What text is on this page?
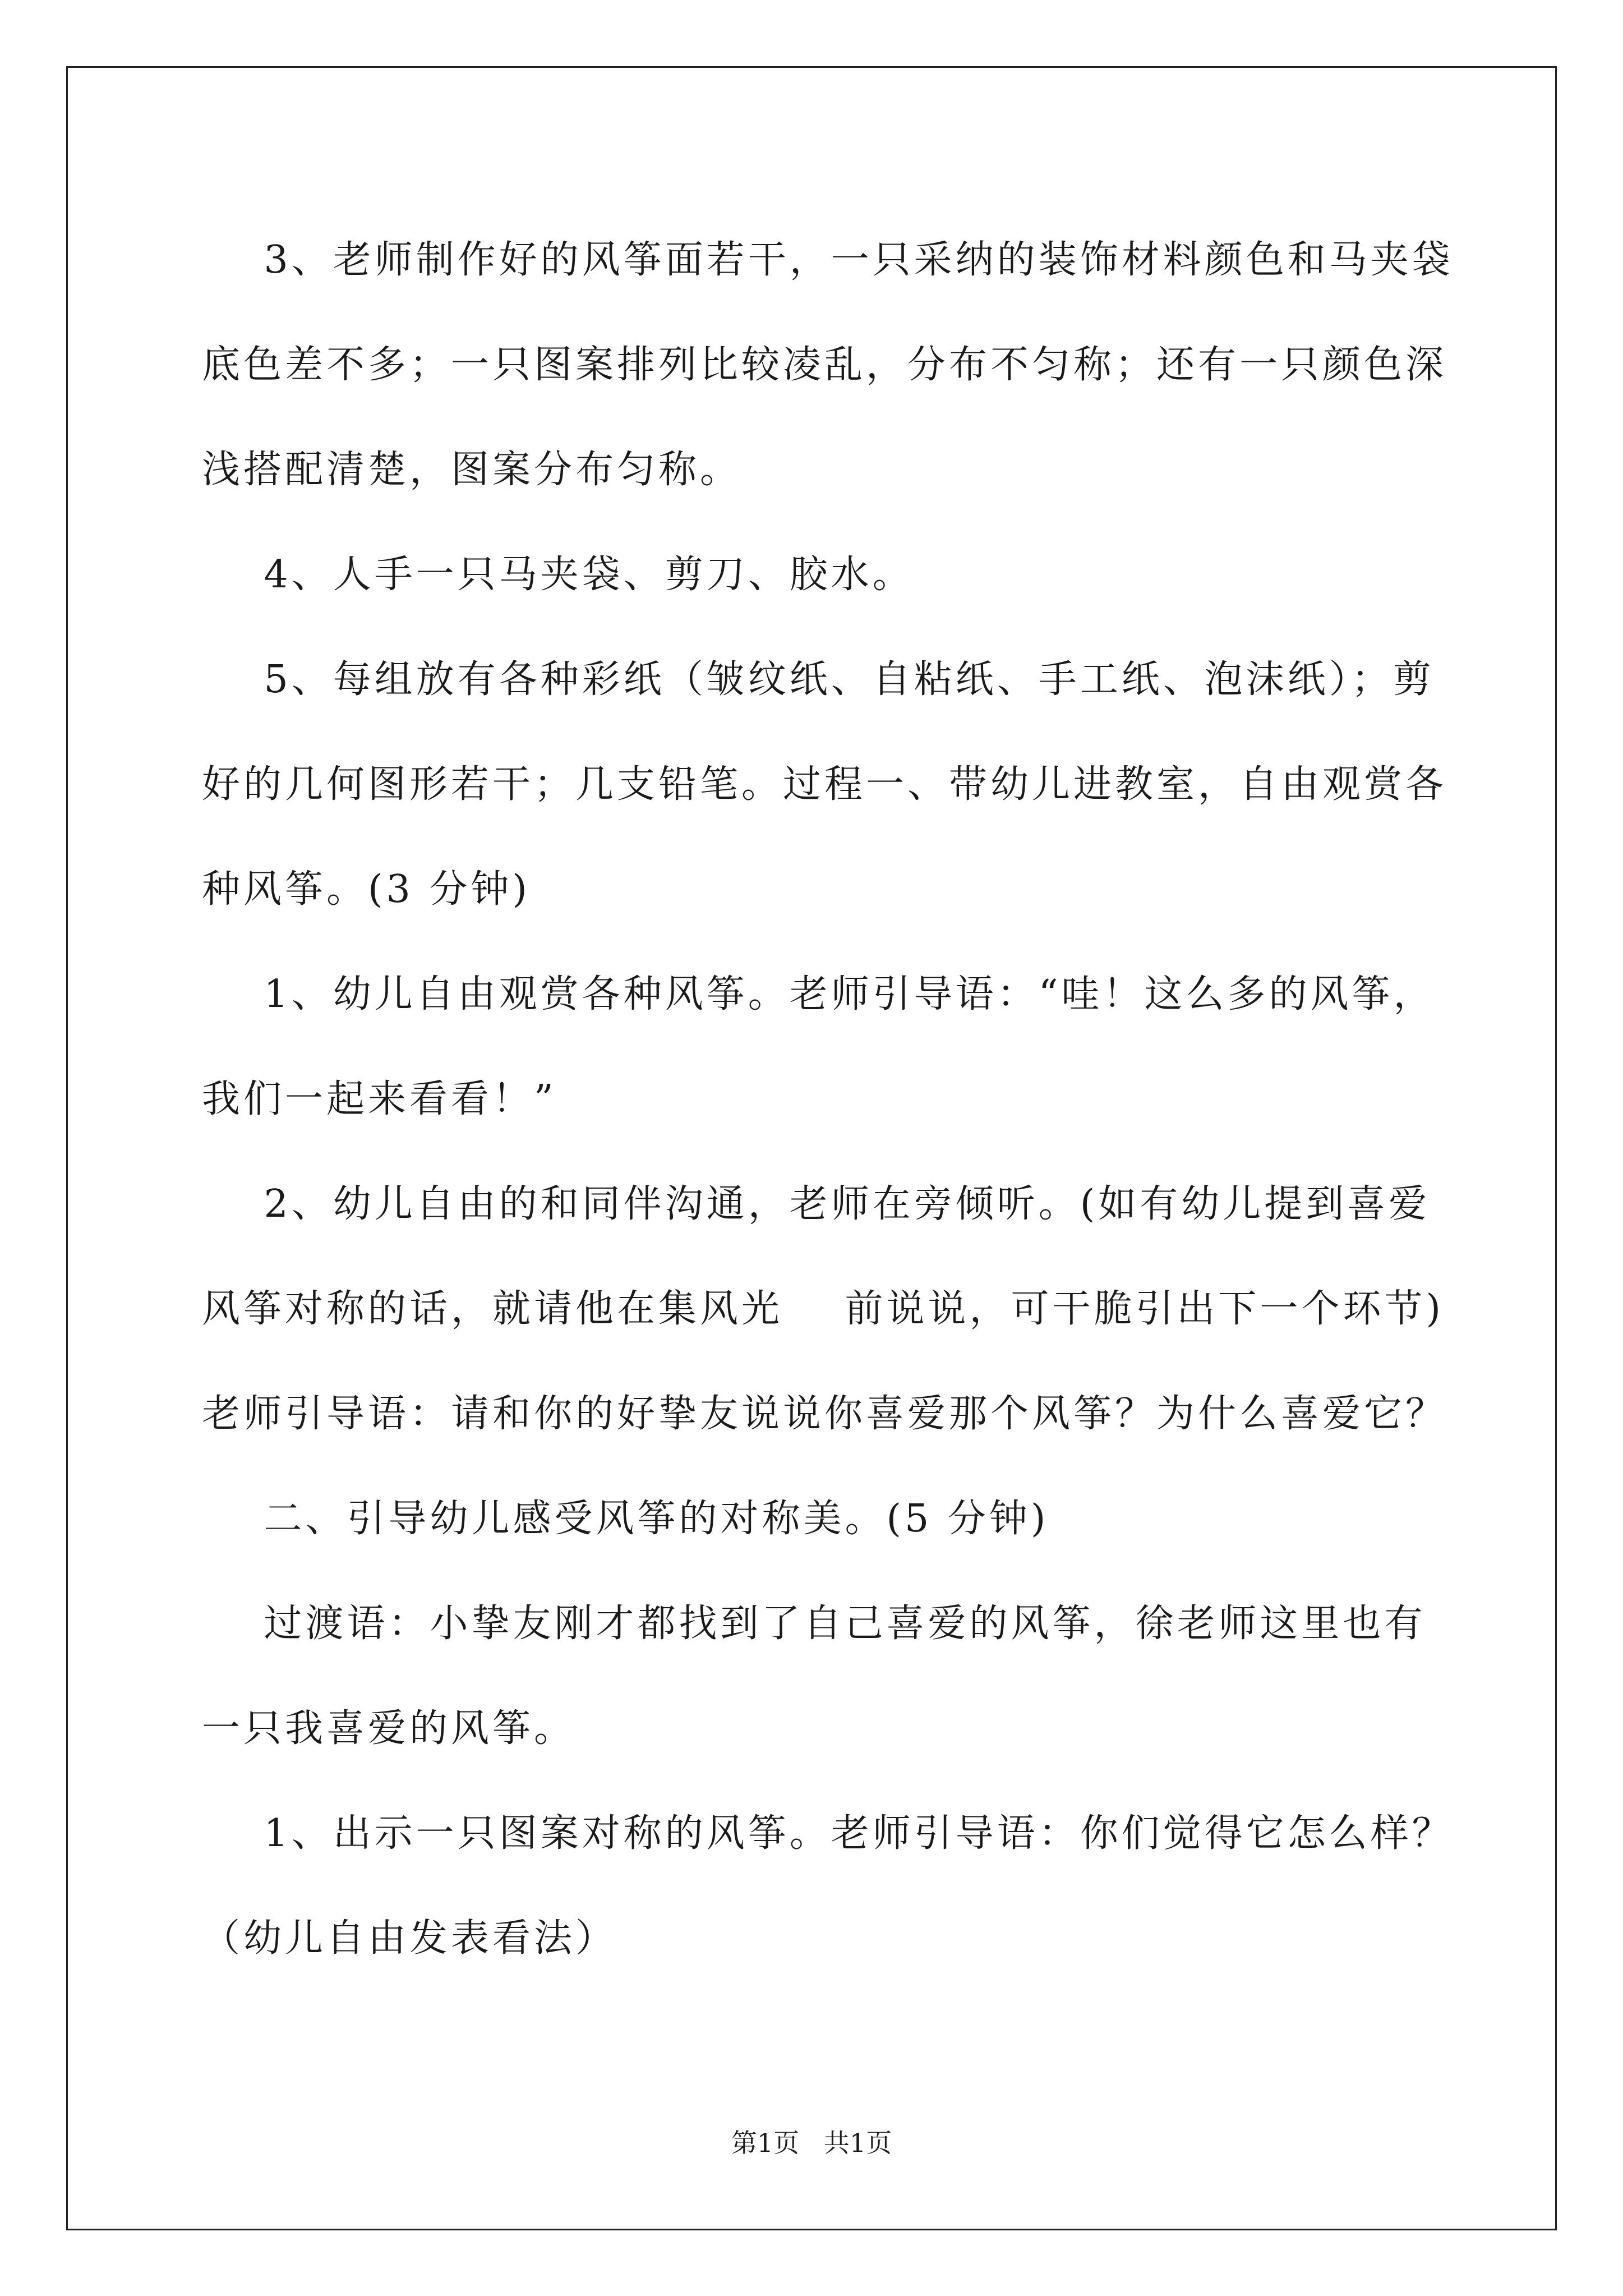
3、老师制作好的风筝面若干，一只采纳的装饰材料颜色和马夹袋

底色差不多；一只图案排列比较凌乱，分布不匀称；还有一只颜色深

浅搭配清楚，图案分布匀称。

4、人手一只马夹袋、剪刀、胶水。

5、每组放有各种彩纸（皱纹纸、自粘纸、手工纸、泡沫纸）；剪

好的几何图形若干；几支铅笔。过程一、带幼儿进教室，自由观赏各

种风筝。(3 分钟)

1、幼儿自由观赏各种风筝。老师引导语：“哇！这么多的风筝，

我们一起来看看！”

2、幼儿自由的和同伴沟通，老师在旁倾听。(如有幼儿提到喜爱

风筝对称的话，就请他在集风光    前说说，可干脆引出下一个环节)

老师引导语：请和你的好挚友说说你喜爱那个风筝？为什么喜爱它？

二、引导幼儿感受风筝的对称美。(5 分钟)

过渡语：小挚友刚才都找到了自己喜爱的风筝，徐老师这里也有

一只我喜爱的风筝。

1、出示一只图案对称的风筝。老师引导语：你们觉得它怎么样？

（幼儿自由发表看法）

第1页   共1页
